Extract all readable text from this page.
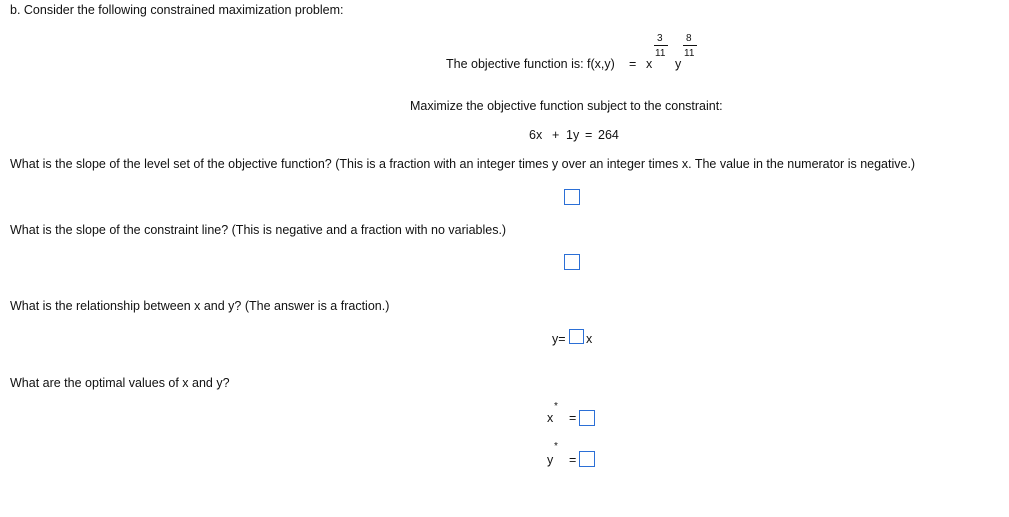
b. Consider the following constrained maximization problem:
The objective function is: f(x,y) = x
3
11
y
8
11
Maximize the objective function subject to the constraint:
6x + 1y = 264
What is the slope of the level set of the objective function? (This is a fraction with an integer times y over an integer times x. The value in the numerator is negative.)
What is the slope of the constraint line? (This is negative and a fraction with no variables.)
What is the relationship between x and y? (The answer is a fraction.)
y= x
What are the optimal values of x and y?
x
*
=
y
*
=
